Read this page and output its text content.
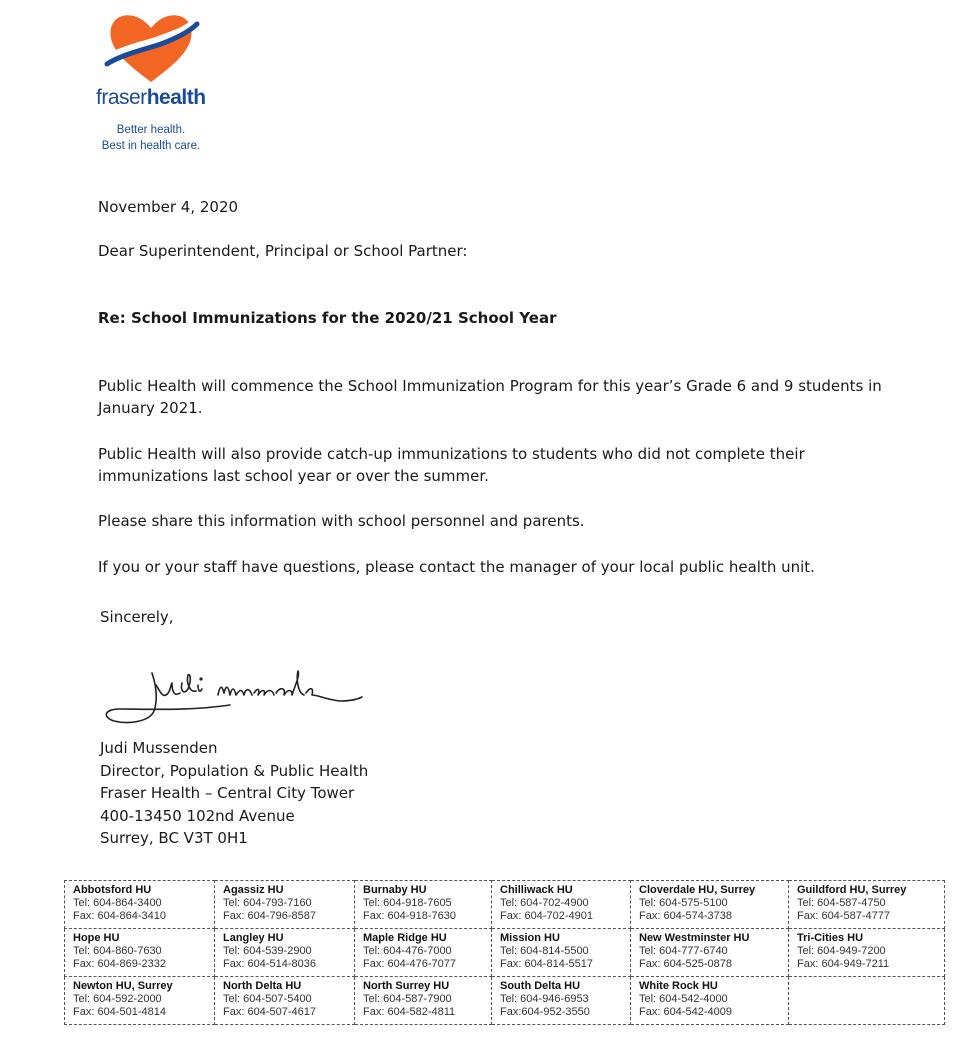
fraserhealth
Better health.
Best in health care.
November 4, 2020
Dear Superintendent, Principal or School Partner:
Re: School Immunizations for the 2020/21 School Year
Public Health will commence the School Immunization Program for this year’s Grade 6 and 9 students in
January 2021.
Public Health will also provide catch-up immunizations to students who did not complete their
immunizations last school year or over the summer.
Please share this information with school personnel and parents.
If you or your staff have questions, please contact the manager of your local public health unit.
Sincerely,
Judi Mussenden
Director, Population & Public Health
Fraser Health – Central City Tower
400-13450 102nd Avenue
Surrey, BC V3T 0H1
Abbotsford HU
Tel: 604-864-3400
Fax: 604-864-3410	Agassiz HU
Tel: 604-793-7160
Fax: 604-796-8587	Burnaby HU
Tel: 604-918-7605
Fax: 604-918-7630	Chilliwack HU
Tel: 604-702-4900
Fax: 604-702-4901	Cloverdale HU, Surrey
Tel: 604-575-5100
Fax: 604-574-3738	Guildford HU, Surrey
Tel: 604-587-4750
Fax: 604-587-4777

Hope HU
Tel: 604-860-7630
Fax: 604-869-2332	Langley HU
Tel: 604-539-2900
Fax: 604-514-8036	Maple Ridge HU
Tel: 604-476-7000
Fax: 604-476-7077	Mission HU
Tel: 604-814-5500
Fax: 604-814-5517	New Westminster HU
Tel: 604-777-6740
Fax: 604-525-0878	Tri-Cities HU
Tel: 604-949-7200
Fax: 604-949-7211

Newton HU, Surrey
Tel: 604-592-2000
Fax: 604-501-4814	North Delta HU
Tel: 604-507-5400
Fax: 604-507-4617	North Surrey HU
Tel: 604-587-7900
Fax: 604-582-4811	South Delta HU
Tel: 604-946-6953
Fax:604-952-3550	White Rock HU
Tel: 604-542-4000
Fax: 604-542-4009	
